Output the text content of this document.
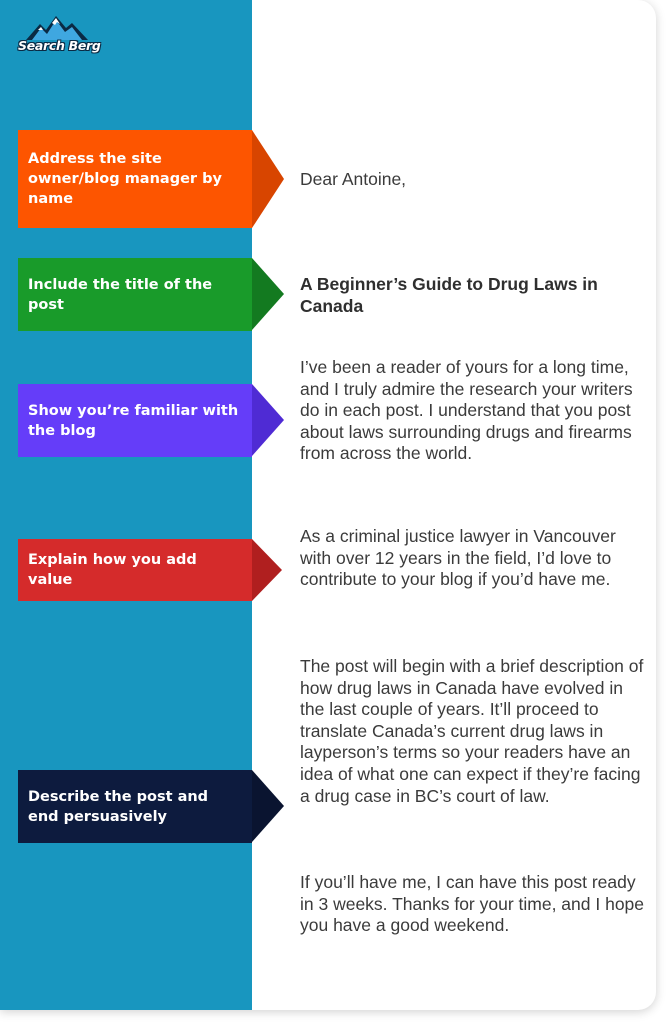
Search Berg
Address the site owner/blog manager by name
Dear Antoine,
Include the title of the post
A Beginner’s Guide to Drug Laws in Canada
Show you’re familiar with the blog
I’ve been a reader of yours for a long time, and I truly admire the research your writers do in each post. I understand that you post about laws surrounding drugs and firearms from across the world.
Explain how you add value
As a criminal justice lawyer in Vancouver with over 12 years in the field, I’d love to contribute to your blog if you’d have me.
Describe the post and end persuasively
The post will begin with a brief description of how drug laws in Canada have evolved in the last couple of years. It’ll proceed to translate Canada’s current drug laws in layperson’s terms so your readers have an idea of what one can expect if they’re facing a drug case in BC’s court of law.
If you’ll have me, I can have this post ready in 3 weeks. Thanks for your time, and I hope you have a good weekend.
